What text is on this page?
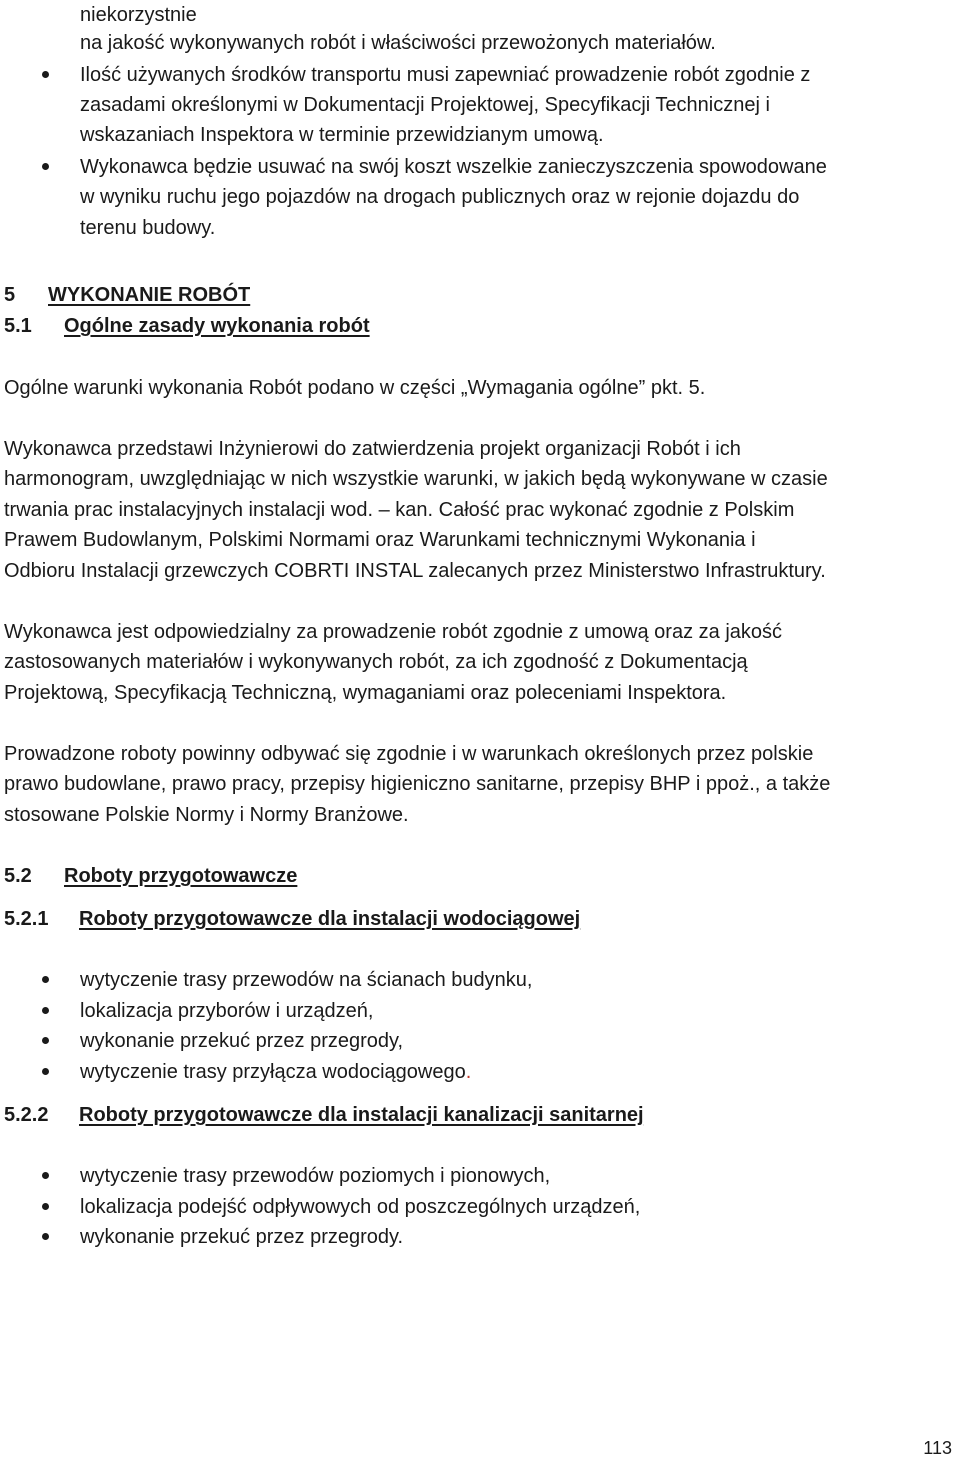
niekorzystnie
na jakość wykonywanych robót i właściwości przewożonych materiałów.
Ilość używanych środków transportu musi zapewniać prowadzenie robót zgodnie z
zasadami określonymi w Dokumentacji Projektowej, Specyfikacji Technicznej i
wskazaniach Inspektora w terminie przewidzianym umową.
Wykonawca będzie usuwać na swój koszt wszelkie zanieczyszczenia spowodowane
w wyniku ruchu jego pojazdów na drogach publicznych oraz w rejonie dojazdu do
terenu budowy.
5 WYKONANIE ROBÓT
5.1 Ogólne zasady wykonania robót
Ogólne warunki wykonania Robót podano w części „Wymagania ogólne” pkt. 5.
Wykonawca przedstawi Inżynierowi do zatwierdzenia projekt organizacji Robót i ich
harmonogram, uwzględniając w nich wszystkie warunki, w jakich będą wykonywane w czasie
trwania prac instalacyjnych instalacji wod. – kan. Całość prac wykonać zgodnie z Polskim
Prawem Budowlanym, Polskimi Normami oraz Warunkami technicznymi Wykonania i
Odbioru Instalacji grzewczych COBRTI INSTAL zalecanych przez Ministerstwo Infrastruktury.
Wykonawca jest odpowiedzialny za prowadzenie robót zgodnie z umową oraz za jakość
zastosowanych materiałów i wykonywanych robót, za ich zgodność z Dokumentacją
Projektową, Specyfikacją Techniczną, wymaganiami oraz poleceniami Inspektora.
Prowadzone roboty powinny odbywać się zgodnie i w warunkach określonych przez polskie
prawo budowlane, prawo pracy, przepisy higieniczno sanitarne, przepisy BHP i ppoż., a także
stosowane Polskie Normy i Normy Branżowe.
5.2 Roboty przygotowawcze
5.2.1 Roboty przygotowawcze dla instalacji wodociągowej
wytyczenie trasy przewodów na ścianach budynku,
lokalizacja przyborów i urządzeń,
wykonanie przekuć przez przegrody,
wytyczenie trasy przyłącza wodociągowego.
5.2.2 Roboty przygotowawcze dla instalacji kanalizacji sanitarnej
wytyczenie trasy przewodów poziomych i pionowych,
lokalizacja podejść odpływowych od poszczególnych urządzeń,
wykonanie przekuć przez przegrody.
113
